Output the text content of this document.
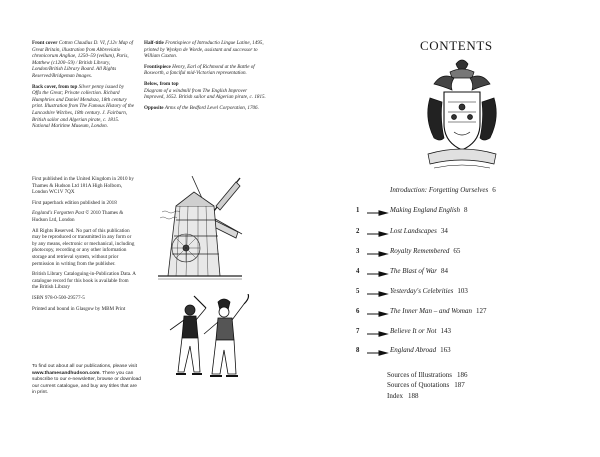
Front cover Cotton Claudius D. VI, f.12v Map of Great Britain, illustration from Abbreviatio chronicorum Angliae, 1250–59 (vellum), Paris, Matthew (c1200–59) / British Library, London/British Library Board. All Rights Reserved/Bridgeman Images.

Back cover, from top Silver penny issued by Offa the Great; Private collection. Richard Humphries and Daniel Mendoza, 18th century print. Illustration from The Famous History of the Lancashire Witches, 18th century. J. Fairburn, British sailor and Algerian pirate, c. 1815. National Maritime Museum, London.

Half-title Frontispiece of Introductio Lingue Latine, 1495, printed by Wynkyn de Worde, assistant and successor to William Caxton.

Frontispiece Henry, Earl of Richmond at the Battle of Bosworth, a fanciful mid-Victorian representation.

Below, from top
Diagram of a windmill from The English Improver Improved, 1652. British sailor and Algerian pirate, c. 1815.

Opposite Arms of the Bedford Level Corporation, 1706.

First published in the United Kingdom in 2010 by Thames & Hudson Ltd 181A High Holborn, London WC1V 7QX

First paperback edition published in 2018

England's Forgotten Past © 2010 Thames & Hudson Ltd, London

All Rights Reserved. No part of this publication may be reproduced or transmitted in any form or by any means, electronic or mechanical, including photocopy, recording or any other information storage and retrieval system, without prior permission in writing from the publisher.

British Library Cataloguing-in-Publication Data. A catalogue record for this book is available from the British Library

ISBN 978-0-500-29577-5

Printed and bound in Glasgow by MBM Print

To find out about all our publications, please visit www.thamesandhudson.com. There you can subscribe to our e-newsletter, browse or download our current catalogue, and buy any titles that are in print.
CONTENTS
Introduction: Forgetting Ourselves 6
1	Making England English 8
2	Lost Landscapes 34
3	Royalty Remembered 65
4	The Blast of War 84
5	Yesterday's Celebrities 103
6	The Inner Man – and Woman 127
7	Believe It or Not 143
8	England Abroad 163
Sources of Illustrations 186
Sources of Quotations 187
Index 188
